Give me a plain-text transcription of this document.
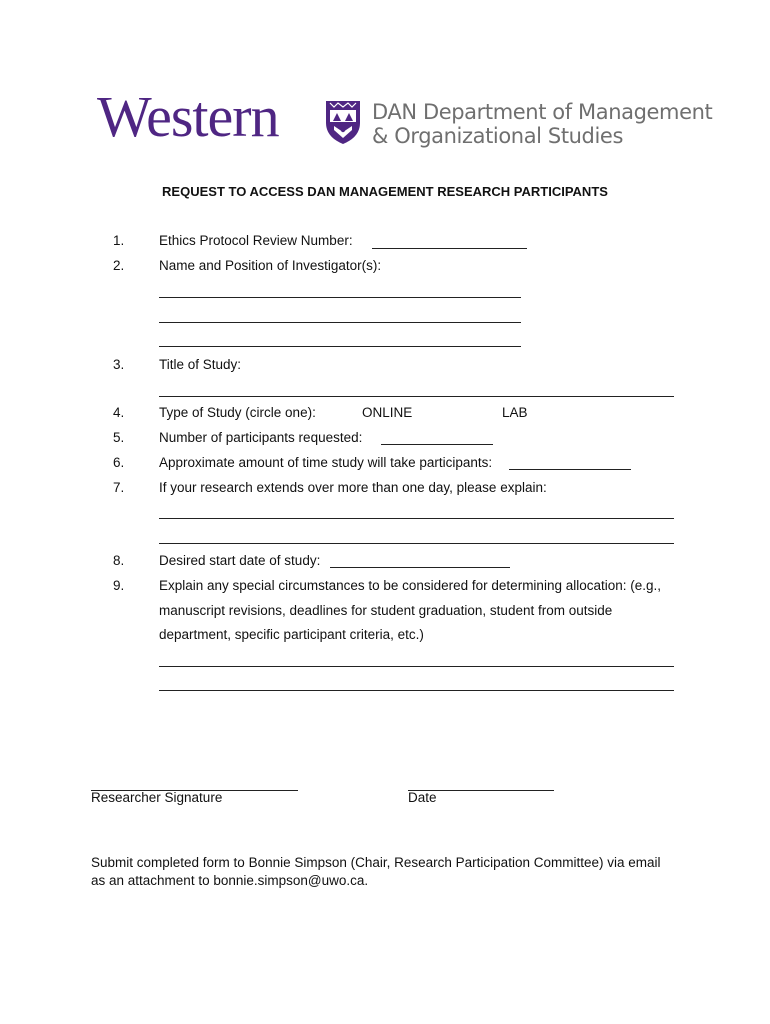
Western	DAN Department of Management
& Organizational Studies
REQUEST TO ACCESS DAN MANAGEMENT RESEARCH PARTICIPANTS
1.	Ethics Protocol Review Number:
2.	Name and Position of Investigator(s):
3.	Title of Study:
4.	Type of Study (circle one):	ONLINE	LAB
5.	Number of participants requested:
6.	Approximate amount of time study will take participants:
7.	If your research extends over more than one day, please explain:
8.	Desired start date of study:
9.	Explain any special circumstances to be considered for determining allocation: (e.g.,
manuscript revisions, deadlines for student graduation, student from outside
department, specific participant criteria, etc.)
Researcher Signature	Date
Submit completed form to Bonnie Simpson (Chair, Research Participation Committee) via email
as an attachment to bonnie.simpson@uwo.ca.
